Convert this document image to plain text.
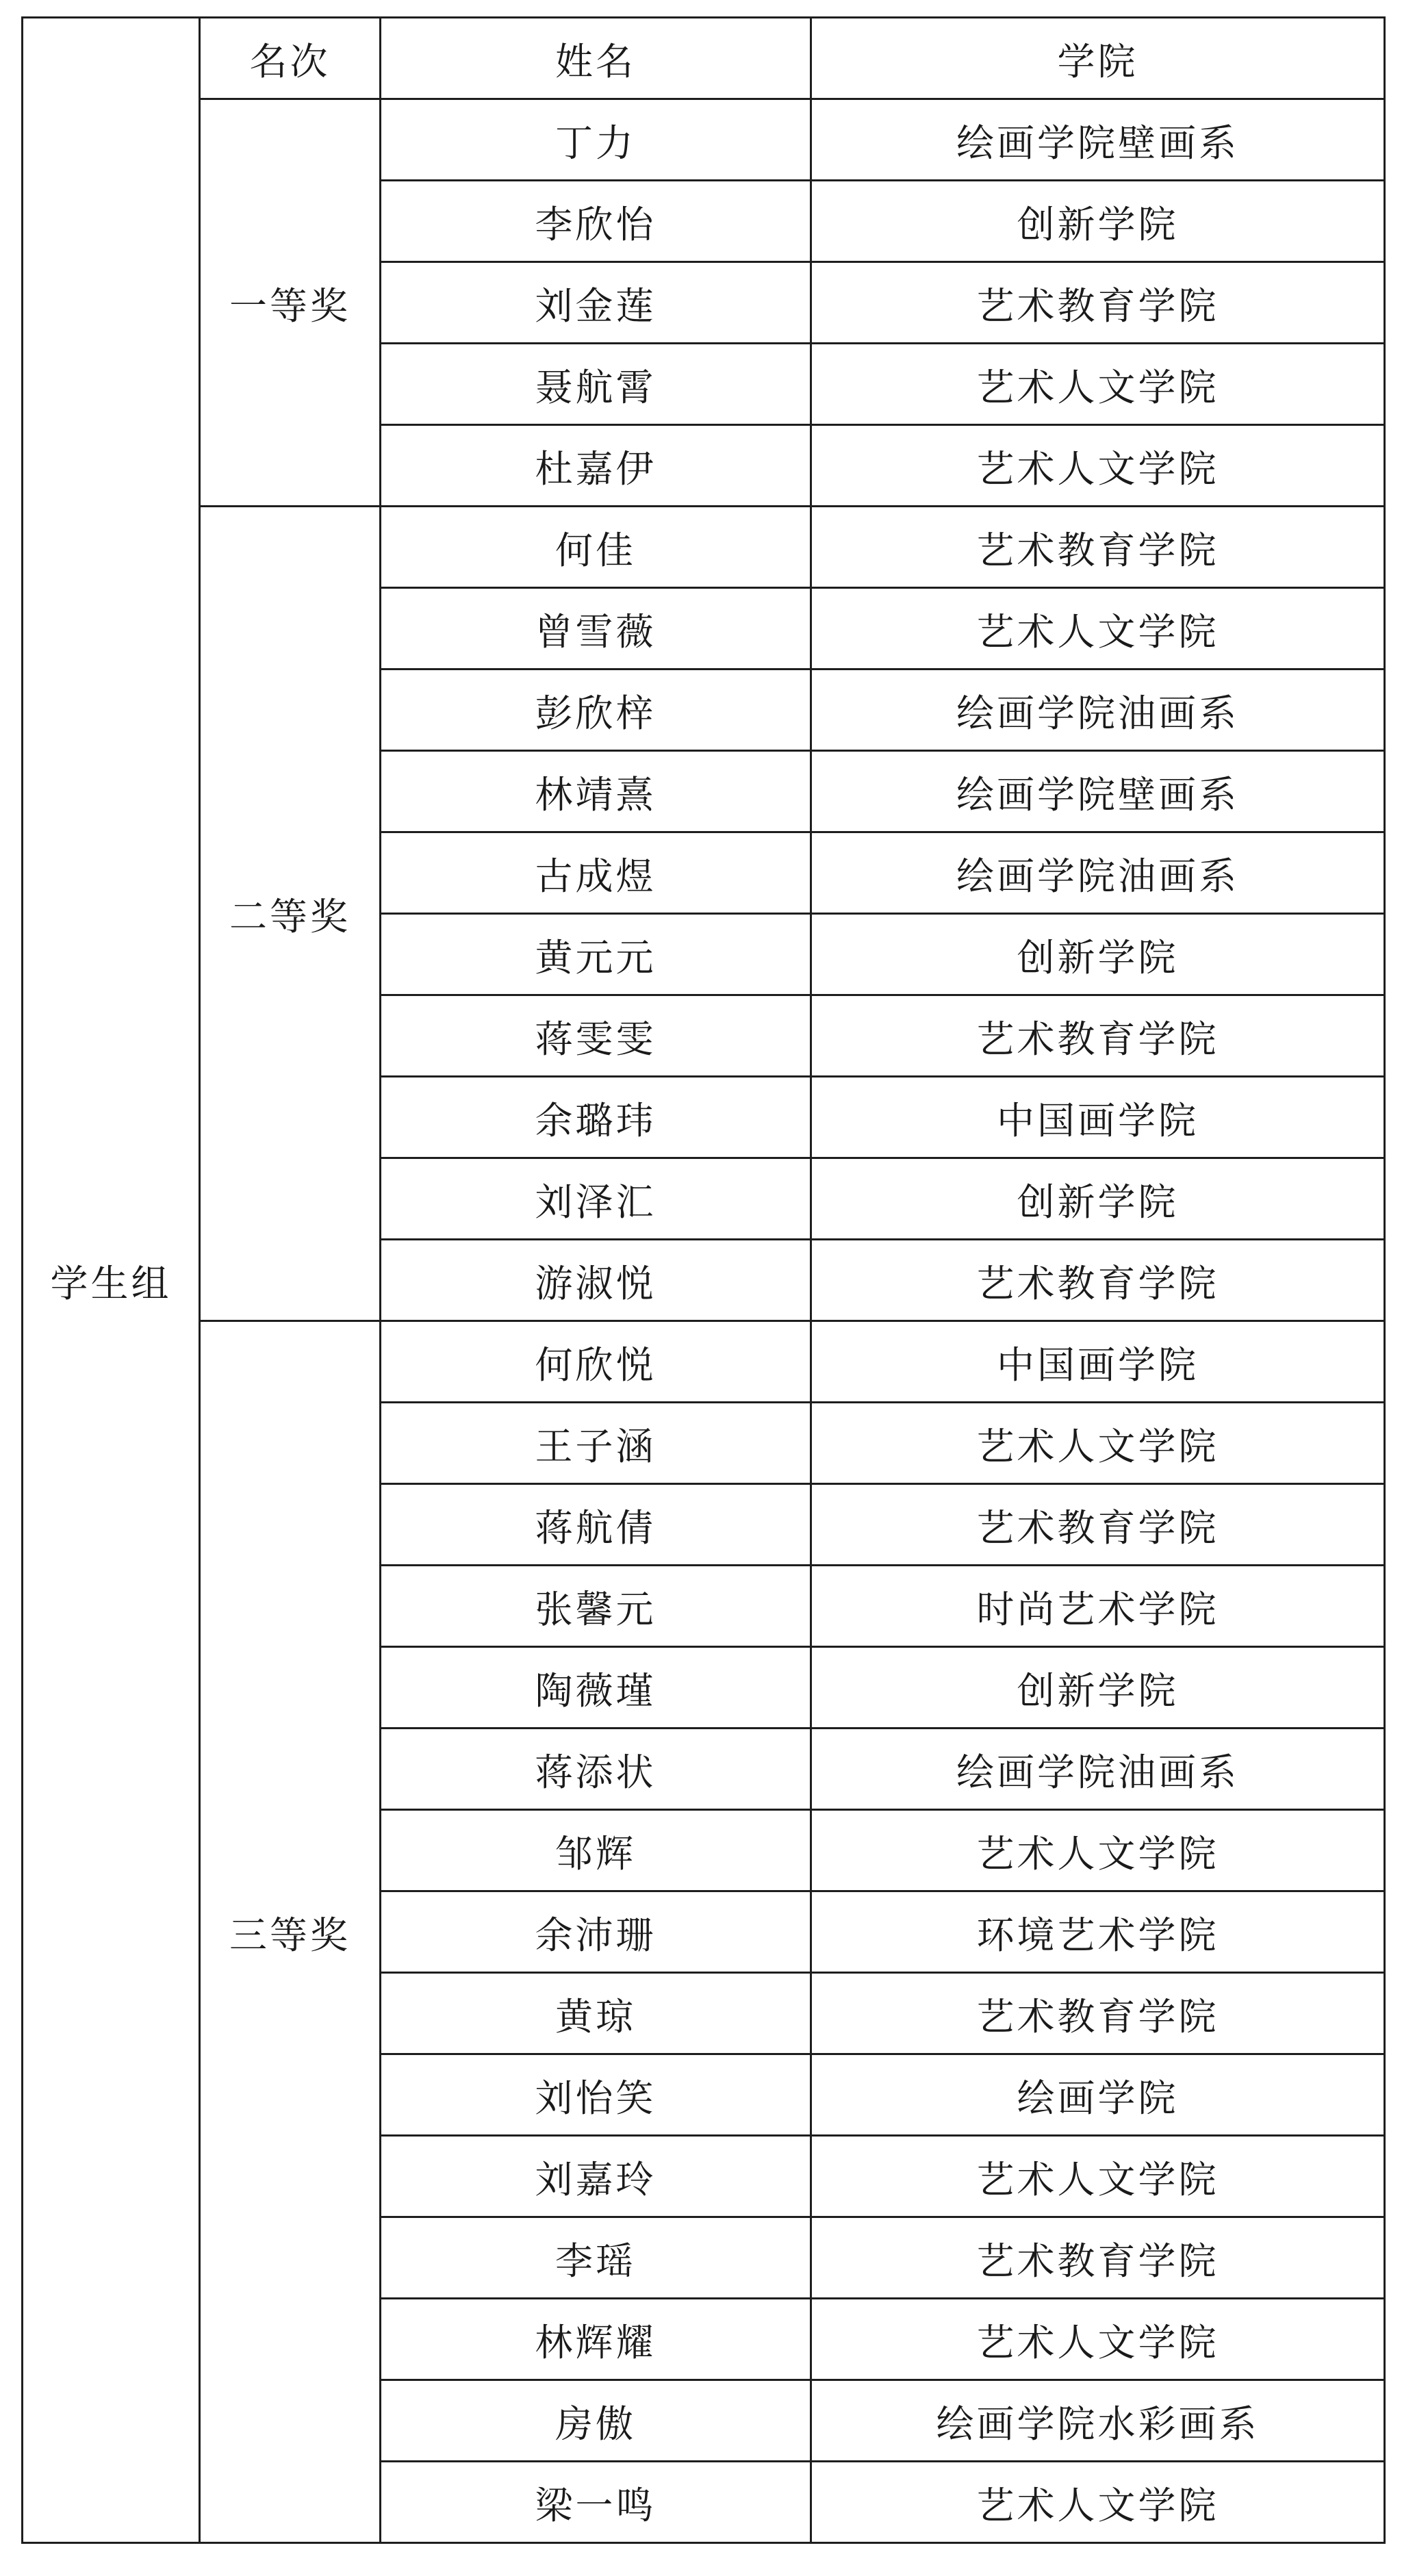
学生组	名次	姓名	学院
	一等奖	丁力	绘画学院壁画系
		李欣怡	创新学院
		刘金莲	艺术教育学院
		聂航霄	艺术人文学院
		杜嘉伊	艺术人文学院
	二等奖	何佳	艺术教育学院
		曾雪薇	艺术人文学院
		彭欣梓	绘画学院油画系
		林靖熹	绘画学院壁画系
		古成煜	绘画学院油画系
		黄元元	创新学院
		蒋雯雯	艺术教育学院
		余璐玮	中国画学院
		刘泽汇	创新学院
		游淑悦	艺术教育学院
	三等奖	何欣悦	中国画学院
		王子涵	艺术人文学院
		蒋航倩	艺术教育学院
		张馨元	时尚艺术学院
		陶薇瑾	创新学院
		蒋添状	绘画学院油画系
		邹辉	艺术人文学院
		余沛珊	环境艺术学院
		黄琼	艺术教育学院
		刘怡笑	绘画学院
		刘嘉玲	艺术人文学院
		李瑶	艺术教育学院
		林辉耀	艺术人文学院
		房傲	绘画学院水彩画系
		梁一鸣	艺术人文学院
